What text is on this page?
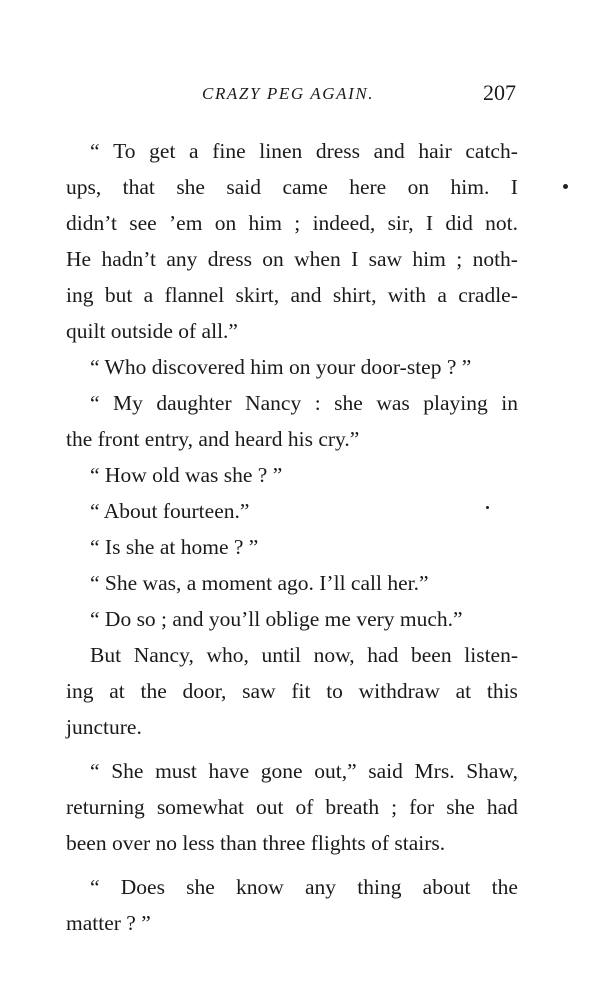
CRAZY PEG AGAIN.	207
“ To get a fine linen dress and hair catch-
ups, that she said came here on him. I
didn’t see ’em on him ; indeed, sir, I did not.
He hadn’t any dress on when I saw him ; noth-
ing but a flannel skirt, and shirt, with a cradle-
quilt outside of all.”
“ Who discovered him on your door-step ? ”
“ My daughter Nancy : she was playing in
the front entry, and heard his cry.”
“ How old was she ? ”
“ About fourteen.”
“ Is she at home ? ”
“ She was, a moment ago. I’ll call her.”
“ Do so ; and you’ll oblige me very much.”
But Nancy, who, until now, had been listen-
ing at the door, saw fit to withdraw at this
juncture.
“ She must have gone out,” said Mrs. Shaw,
returning somewhat out of breath ; for she had
been over no less than three flights of stairs.
“ Does she know any thing about the
matter ? ”
